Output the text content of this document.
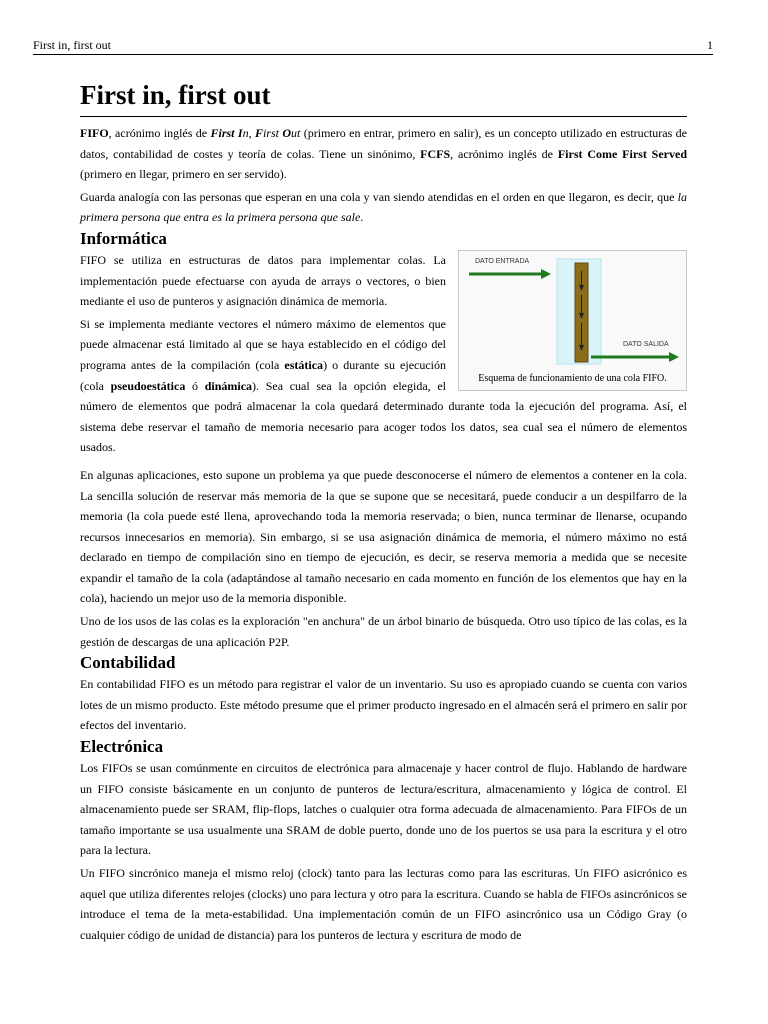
First in, first out	1
First in, first out

FIFO, acrónimo inglés de First In, First Out (primero en entrar, primero en salir), es un concepto utilizado en estructuras de datos, contabilidad de costes y teoría de colas. Tiene un sinónimo, FCFS, acrónimo inglés de First Come First Served (primero en llegar, primero en ser servido).

Guarda analogía con las personas que esperan en una cola y van siendo atendidas en el orden en que llegaron, es decir, que la primera persona que entra es la primera persona que sale.

Informática
DATO ENTRADA
DATO SALIDA
Esquema de funcionamiento de una cola FIFO.

FIFO se utiliza en estructuras de datos para implementar colas. La implementación puede efectuarse con ayuda de arrays o vectores, o bien mediante el uso de punteros y asignación dinámica de memoria.

Si se implementa mediante vectores el número máximo de elementos que puede almacenar está limitado al que se haya establecido en el código del programa antes de la compilación (cola estática) o durante su ejecución (cola pseudoestática ó dinámica). Sea cual sea la opción elegida, el número de elementos que podrá almacenar la cola quedará determinado durante toda la ejecución del programa. Así, el sistema debe reservar el tamaño de memoria necesario para acoger todos los datos, sea cual sea el número de elementos usados.

En algunas aplicaciones, esto supone un problema ya que puede desconocerse el número de elementos a contener en la cola. La sencilla solución de reservar más memoria de la que se supone que se necesitará, puede conducir a un despilfarro de la memoria (la cola puede esté llena, aprovechando toda la memoria reservada; o bien, nunca terminar de llenarse, ocupando recursos innecesarios en memoria). Sin embargo, si se usa asignación dinámica de memoria, el número máximo no está declarado en tiempo de compilación sino en tiempo de ejecución, es decir, se reserva memoria a medida que se necesite expandir el tamaño de la cola (adaptándose al tamaño necesario en cada momento en función de los elementos que hay en la cola), haciendo un mejor uso de la memoria disponible.

Uno de los usos de las colas es la exploración "en anchura" de un árbol binario de búsqueda. Otro uso típico de las colas, es la gestión de descargas de una aplicación P2P.

Contabilidad

En contabilidad FIFO es un método para registrar el valor de un inventario. Su uso es apropiado cuando se cuenta con varios lotes de un mismo producto. Este método presume que el primer producto ingresado en el almacén será el primero en salir por efectos del inventario.

Electrónica

Los FIFOs se usan comúnmente en circuitos de electrónica para almacenaje y hacer control de flujo. Hablando de hardware un FIFO consiste básicamente en un conjunto de punteros de lectura/escritura, almacenamiento y lógica de control. El almacenamiento puede ser SRAM, flip-flops, latches o cualquier otra forma adecuada de almacenamiento. Para FIFOs de un tamaño importante se usa usualmente una SRAM de doble puerto, donde uno de los puertos se usa para la escritura y el otro para la lectura.

Un FIFO sincrónico maneja el mismo reloj (clock) tanto para las lecturas como para las escrituras. Un FIFO asicrónico es aquel que utiliza diferentes relojes (clocks) uno para lectura y otro para la escritura. Cuando se habla de FIFOs asincrónicos se introduce el tema de la meta-estabilidad. Una implementación común de un FIFO asincrónico usa un Código Gray (o cualquier código de unidad de distancia) para los punteros de lectura y escritura de modo de
